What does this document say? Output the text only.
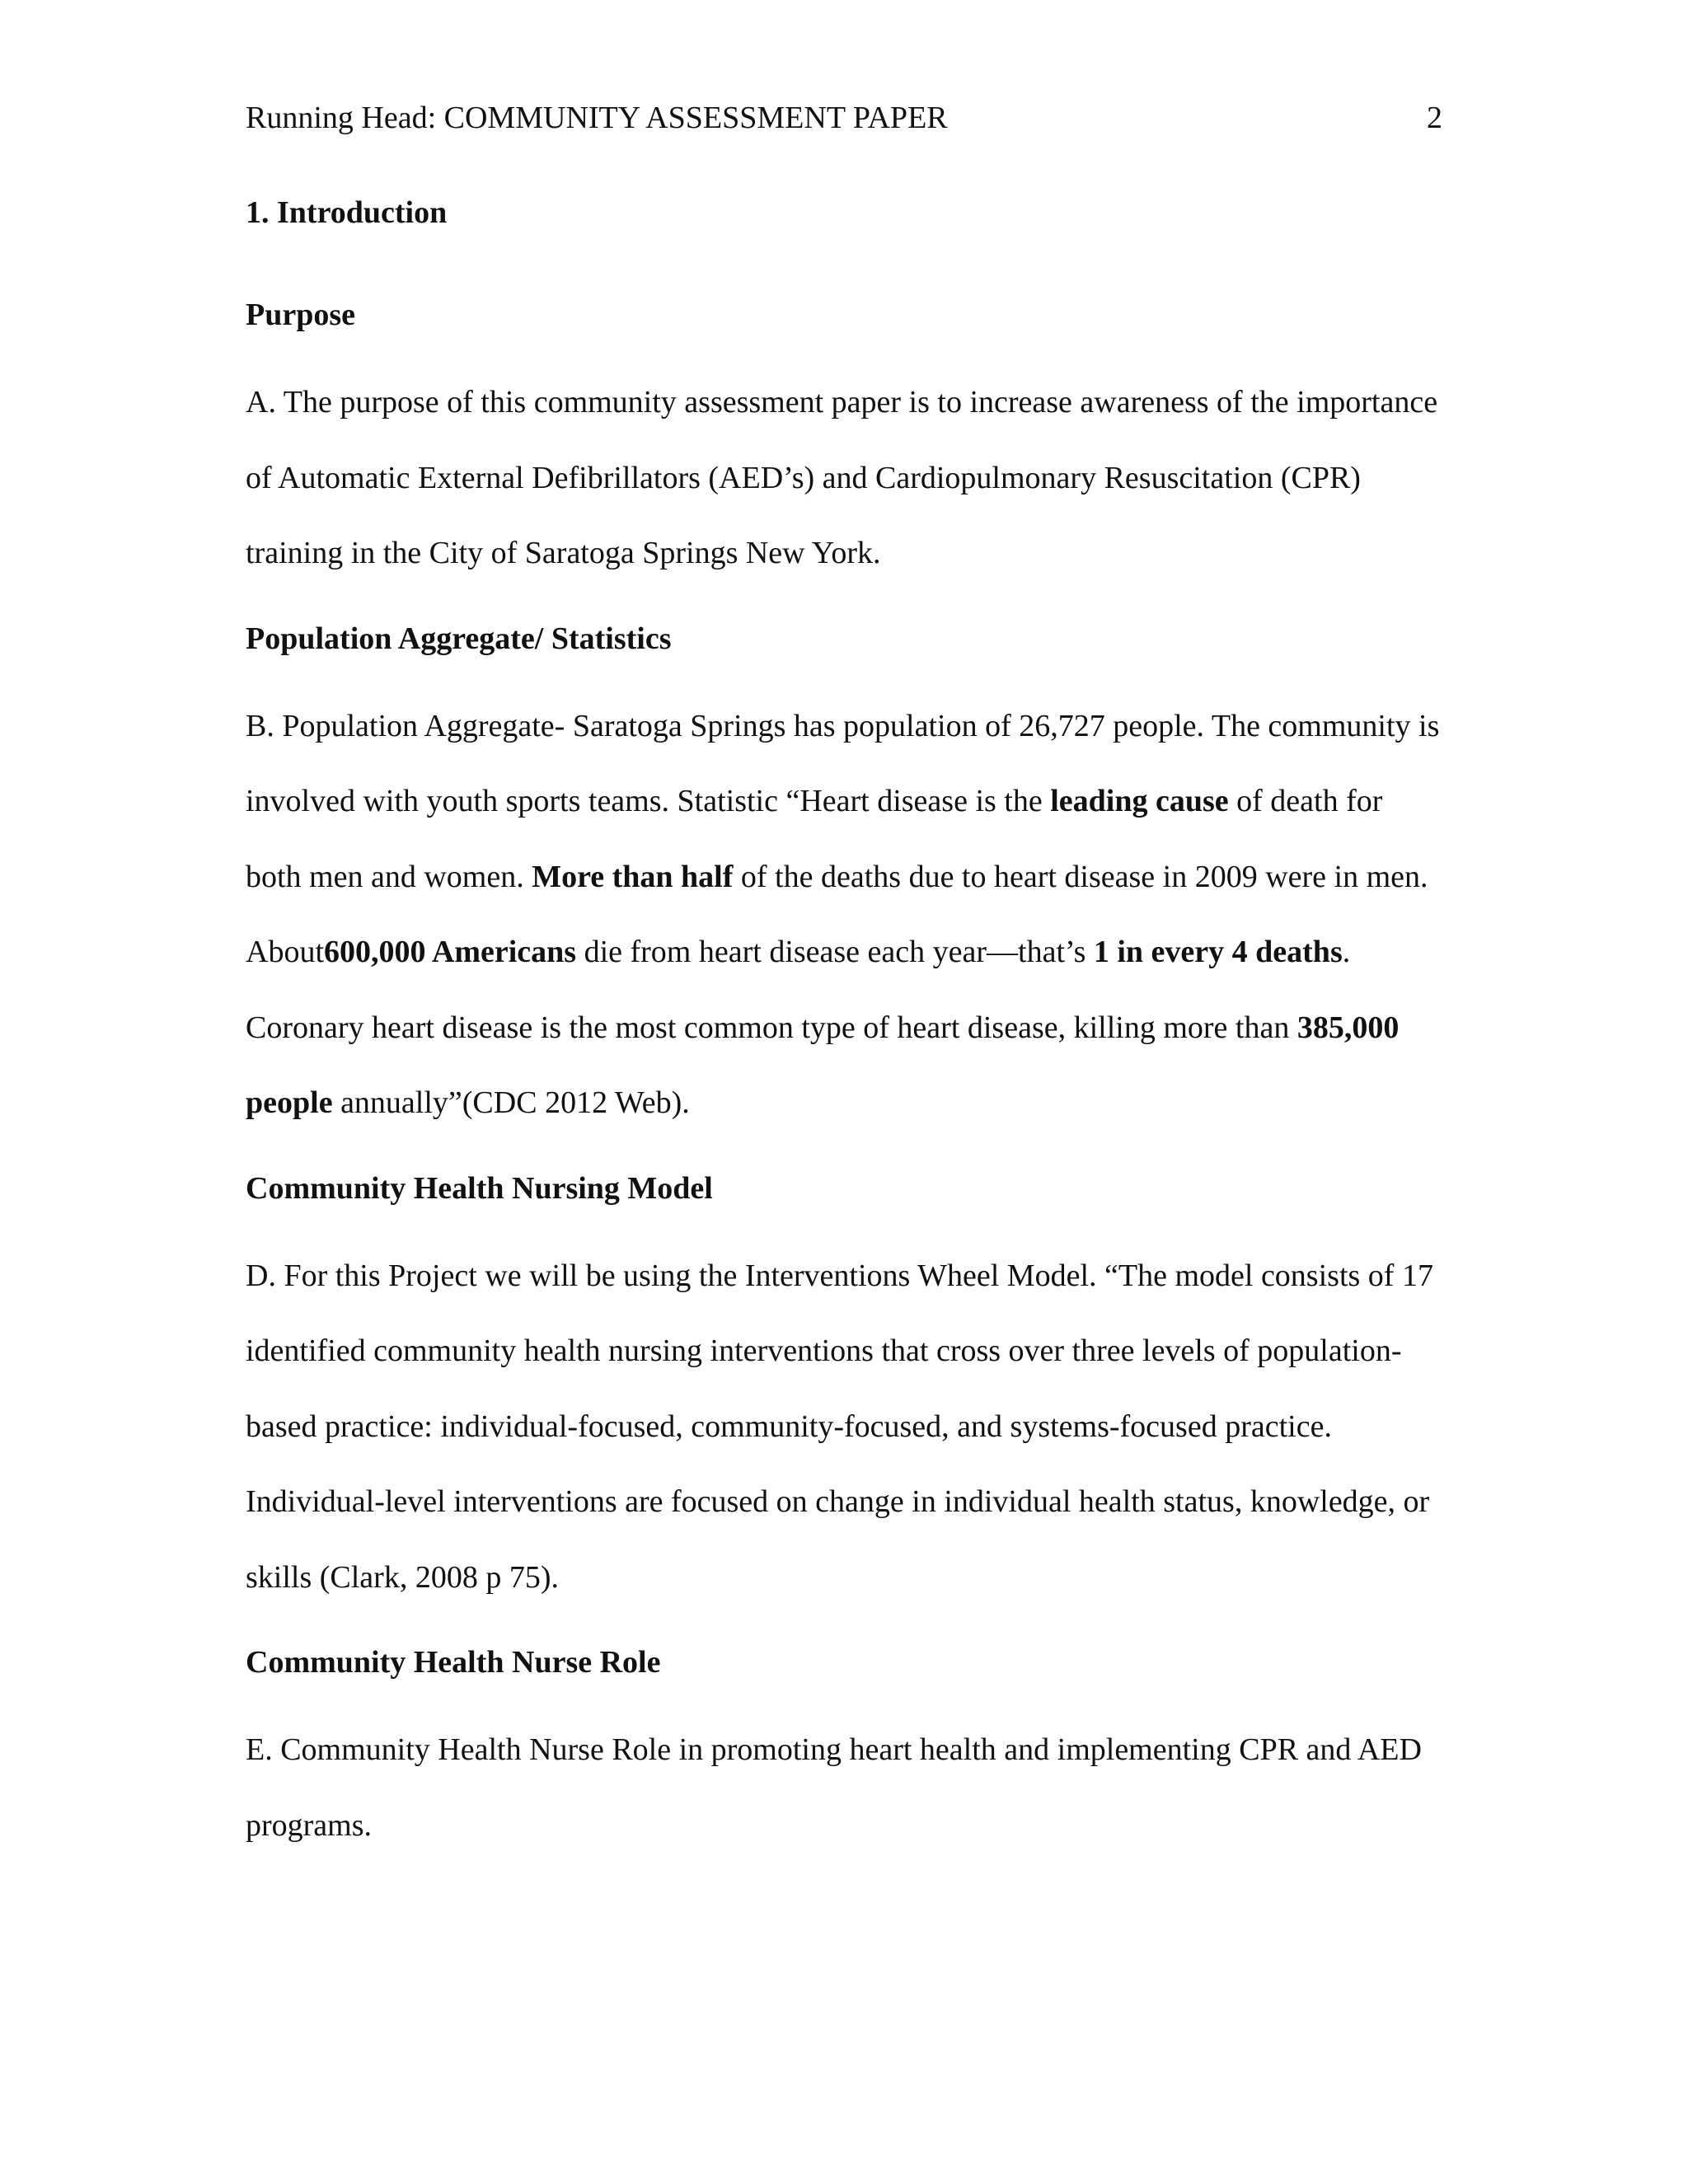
Running Head: COMMUNITY ASSESSMENT PAPER	2

1. Introduction

Purpose

A. The purpose of this community assessment paper is to increase awareness of the importance of Automatic External Defibrillators (AED’s) and Cardiopulmonary Resuscitation (CPR) training in the City of Saratoga Springs New York.

Population Aggregate/ Statistics

B. Population Aggregate- Saratoga Springs has population of 26,727 people. The community is involved with youth sports teams. Statistic “Heart disease is the leading cause of death for both men and women. More than half of the deaths due to heart disease in 2009 were in men. About600,000 Americans die from heart disease each year—that’s 1 in every 4 deaths. Coronary heart disease is the most common type of heart disease, killing more than 385,000 people annually”(CDC 2012 Web).

Community Health Nursing Model

D. For this Project we will be using the Interventions Wheel Model. “The model consists of 17 identified community health nursing interventions that cross over three levels of population-based practice: individual-focused, community-focused, and systems-focused practice. Individual-level interventions are focused on change in individual health status, knowledge, or skills (Clark, 2008 p 75).

Community Health Nurse Role

E. Community Health Nurse Role in promoting heart health and implementing CPR and AED programs.
